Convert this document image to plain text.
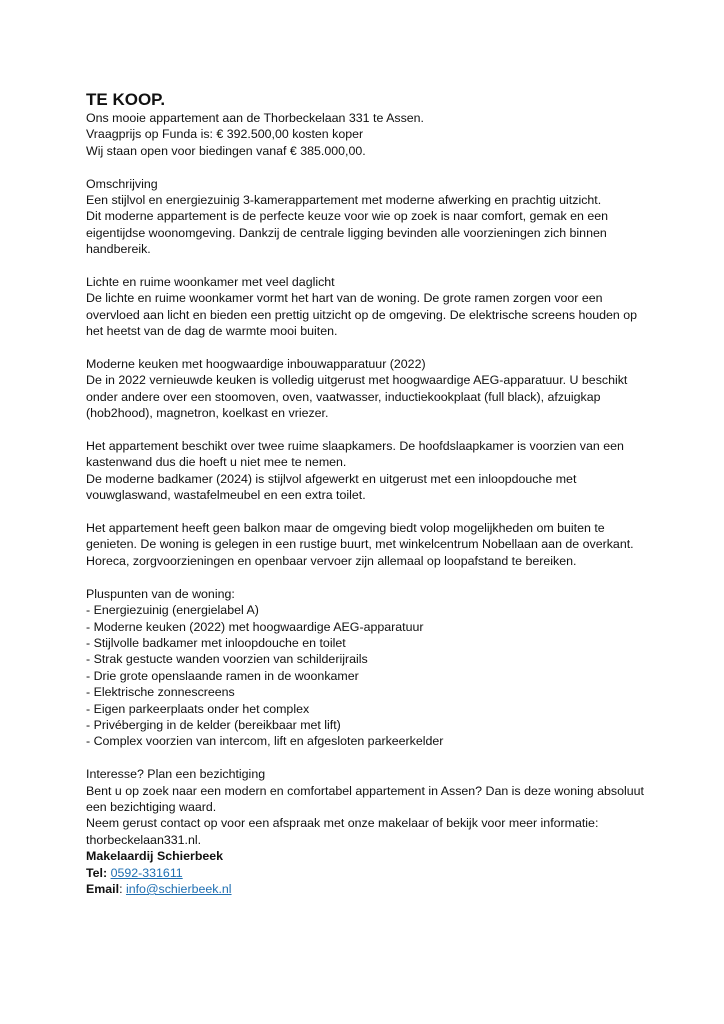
TE KOOP.

Ons mooie appartement aan de Thorbeckelaan 331 te Assen.

Vraagprijs op Funda is: € 392.500,00 kosten koper

Wij staan open voor biedingen vanaf € 385.000,00.

Omschrijving

Een stijlvol en energiezuinig 3-kamerappartement met moderne afwerking en prachtig uitzicht.

Dit moderne appartement is de perfecte keuze voor wie op zoek is naar comfort, gemak en een eigentijdse woonomgeving. Dankzij de centrale ligging bevinden alle voorzieningen zich binnen handbereik.

Lichte en ruime woonkamer met veel daglicht

De lichte en ruime woonkamer vormt het hart van de woning. De grote ramen zorgen voor een overvloed aan licht en bieden een prettig uitzicht op de omgeving. De elektrische screens houden op het heetst van de dag de warmte mooi buiten.

Moderne keuken met hoogwaardige inbouwapparatuur (2022)

De in 2022 vernieuwde keuken is volledig uitgerust met hoogwaardige AEG-apparatuur. U beschikt onder andere over een stoomoven, oven, vaatwasser, inductiekookplaat (full black), afzuigkap (hob2hood), magnetron, koelkast en vriezer.

Het appartement beschikt over twee ruime slaapkamers. De hoofdslaapkamer is voorzien van een kastenwand dus die hoeft u niet mee te nemen.

De moderne badkamer (2024) is stijlvol afgewerkt en uitgerust met een inloopdouche met vouwglaswand, wastafelmeubel en een extra toilet.

Het appartement heeft geen balkon maar de omgeving biedt volop mogelijkheden om buiten te genieten. De woning is gelegen in een rustige buurt, met winkelcentrum Nobellaan aan de overkant.

Horeca, zorgvoorzieningen en openbaar vervoer zijn allemaal op loopafstand te bereiken.

Pluspunten van de woning:

- Energiezuinig (energielabel A)

- Moderne keuken (2022) met hoogwaardige AEG-apparatuur

- Stijlvolle badkamer met inloopdouche en toilet

- Strak gestucte wanden voorzien van schilderijrails

- Drie grote openslaande ramen in de woonkamer

- Elektrische zonnescreens

- Eigen parkeerplaats onder het complex

- Privéberging in de kelder (bereikbaar met lift)

- Complex voorzien van intercom, lift en afgesloten parkeerkelder

Interesse? Plan een bezichtiging

Bent u op zoek naar een modern en comfortabel appartement in Assen? Dan is deze woning absoluut een bezichtiging waard.

Neem gerust contact op voor een afspraak met onze makelaar of bekijk voor meer informatie: thorbeckelaan331.nl.

Makelaardij Schierbeek

Tel: 0592-331611

Email: info@schierbeek.nl
